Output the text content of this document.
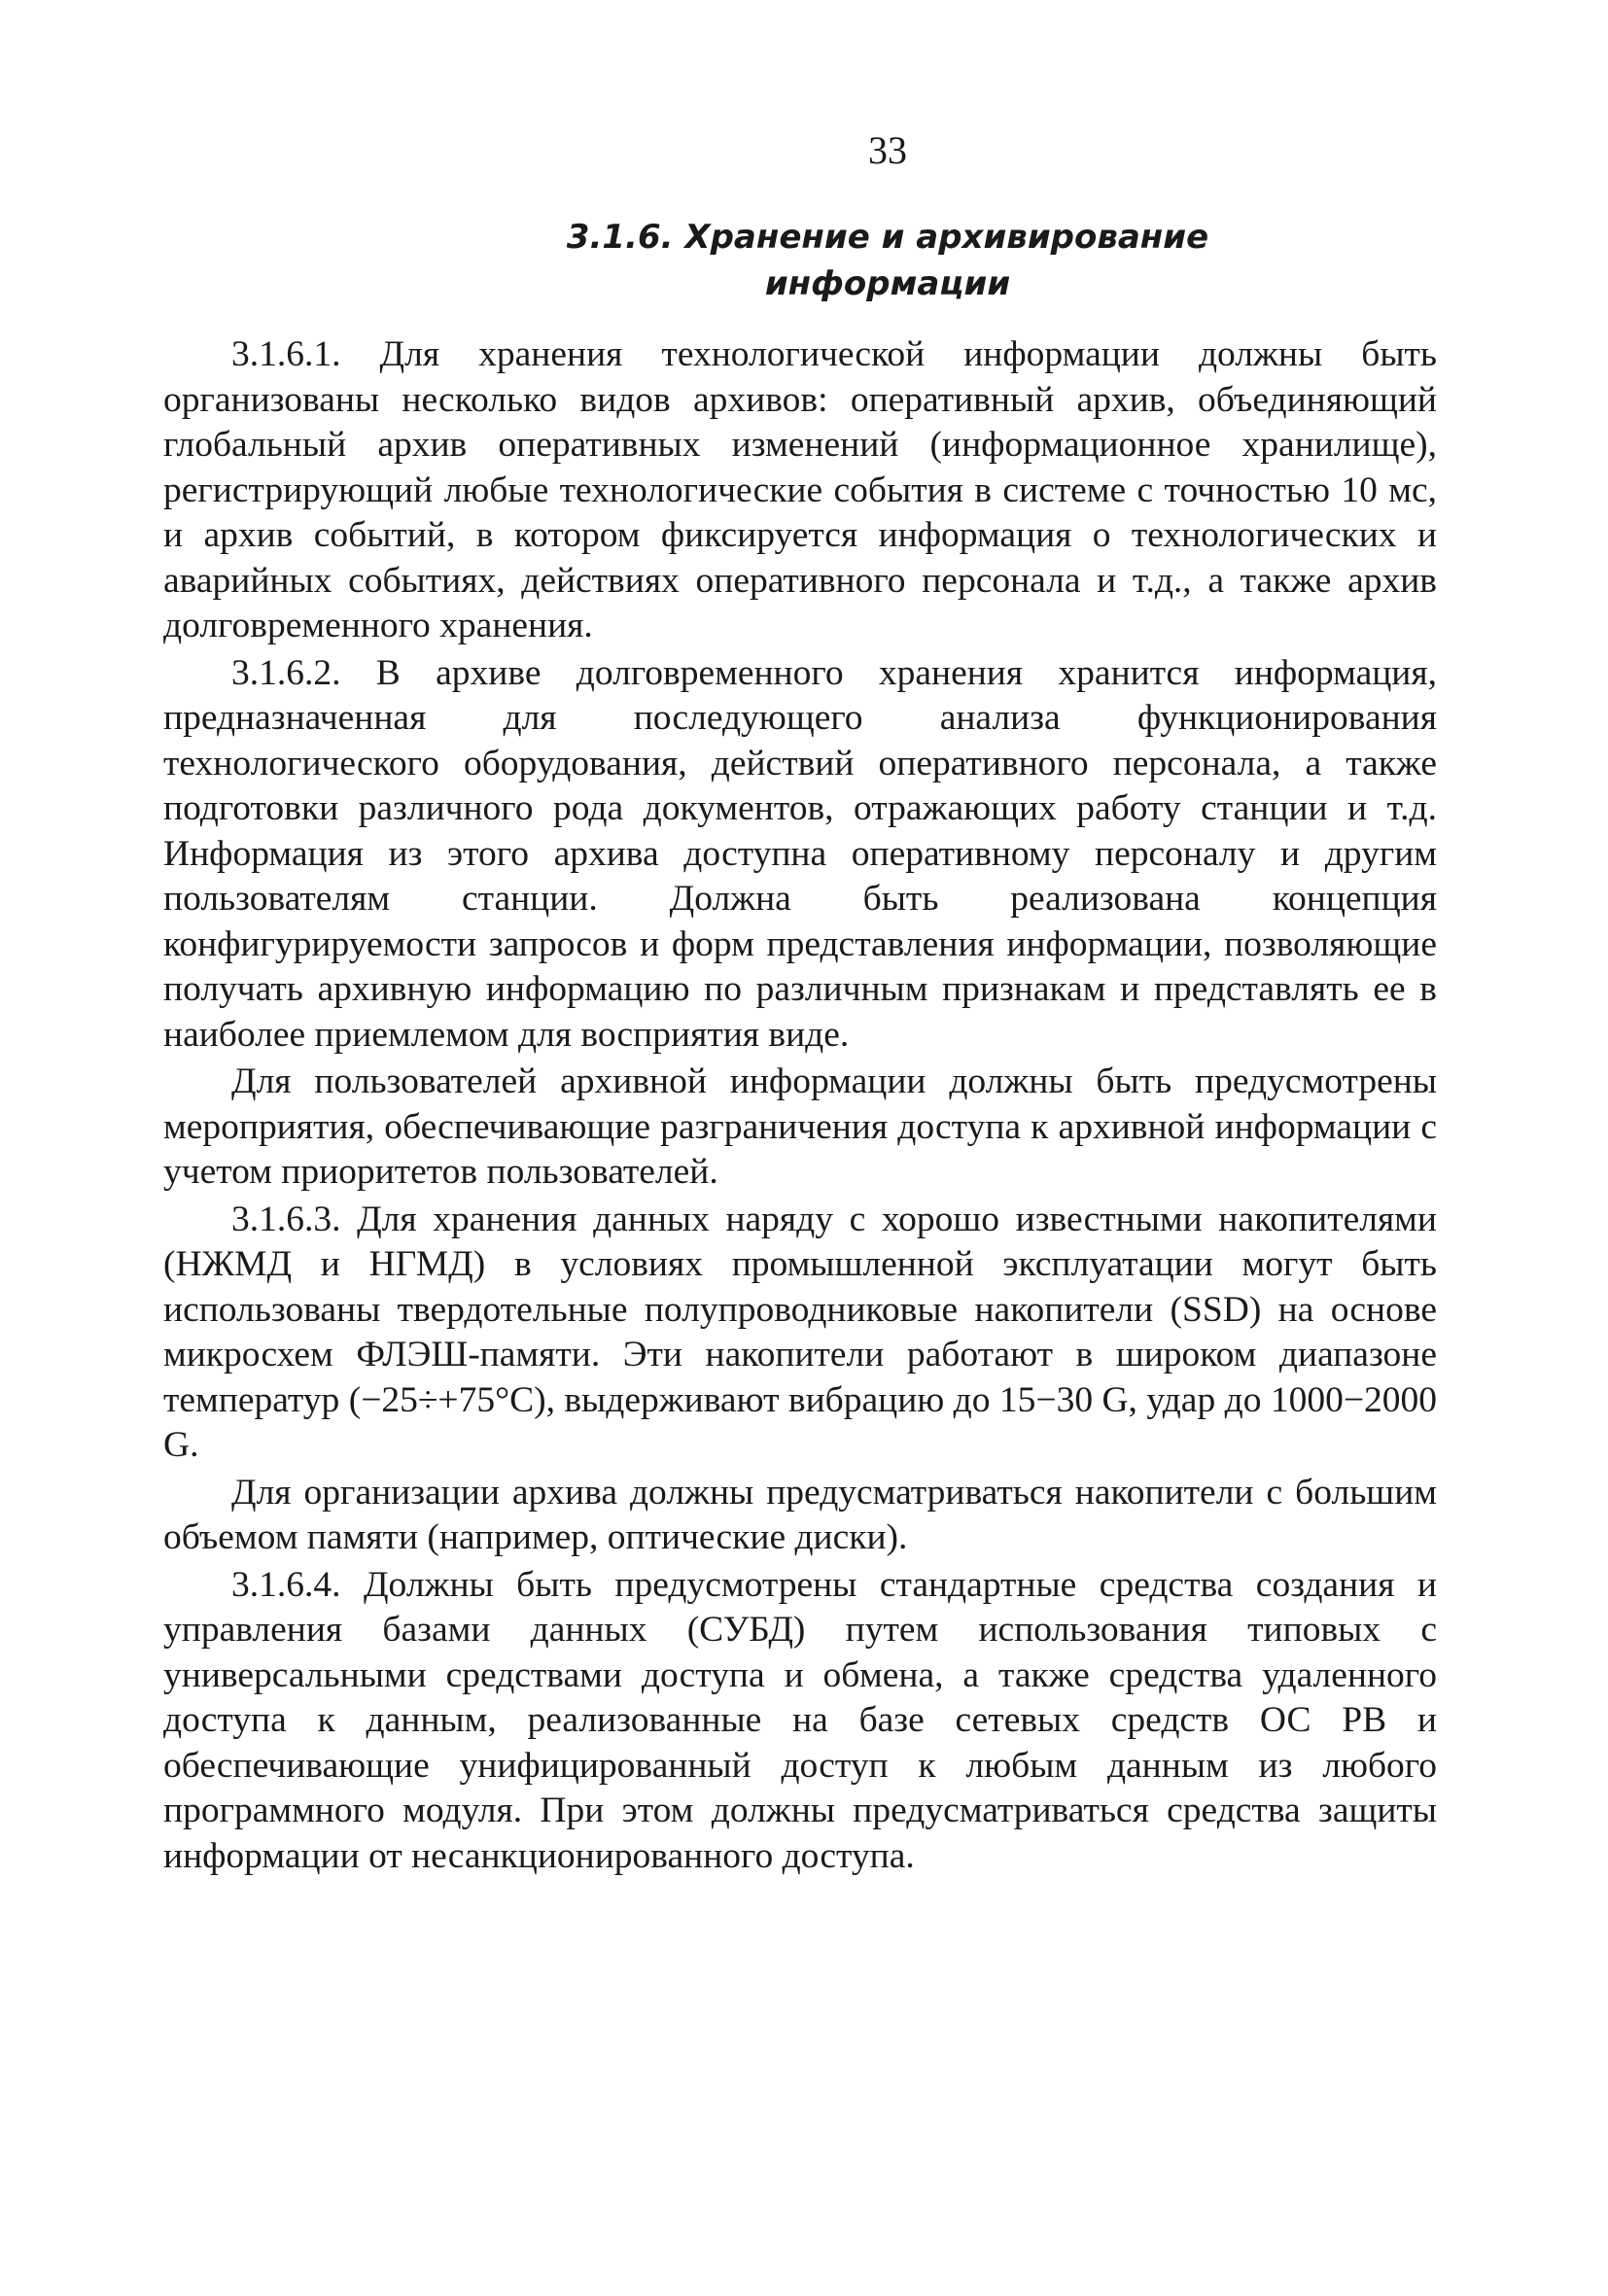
33
3.1.6. Хранение и архивирование
информации

3.1.6.1. Для хранения технологической информации должны быть организованы несколько видов архивов: оперативный архив, объединяющий глобальный архив оперативных изменений (информационное хранилище), регистрирующий любые технологические события в системе с точностью 10 мс, и архив событий, в котором фиксируется информация о технологических и аварийных событиях, действиях оперативного персонала и т.д., а также архив долговременного хранения.

3.1.6.2. В архиве долговременного хранения хранится информация, предназначенная для последующего анализа функционирования технологического оборудования, действий оперативного персонала, а также подготовки различного рода документов, отражающих работу станции и т.д. Информация из этого архива доступна оперативному персоналу и другим пользователям станции. Должна быть реализована концепция конфигурируемости запросов и форм представления информации, позволяющие получать архивную информацию по различным признакам и представлять ее в наиболее приемлемом для восприятия виде.

Для пользователей архивной информации должны быть предусмотрены мероприятия, обеспечивающие разграничения доступа к архивной информации с учетом приоритетов пользователей.

3.1.6.3. Для хранения данных наряду с хорошо известными накопителями (НЖМД и НГМД) в условиях промышленной эксплуатации могут быть использованы твердотельные полупроводниковые накопители (SSD) на основе микросхем ФЛЭШ-памяти. Эти накопители работают в широком диапазоне температур (−25÷+75°C), выдерживают вибрацию до 15−30 G, удар до 1000−2000 G.

Для организации архива должны предусматриваться накопители с большим объемом памяти (например, оптические диски).

3.1.6.4. Должны быть предусмотрены стандартные средства создания и управления базами данных (СУБД) путем использования типовых с универсальными средствами доступа и обмена, а также средства удаленного доступа к данным, реализованные на базе сетевых средств ОС РВ и обеспечивающие унифицированный доступ к любым данным из любого программного модуля. При этом должны предусматриваться средства защиты информации от несанкционированного доступа.
